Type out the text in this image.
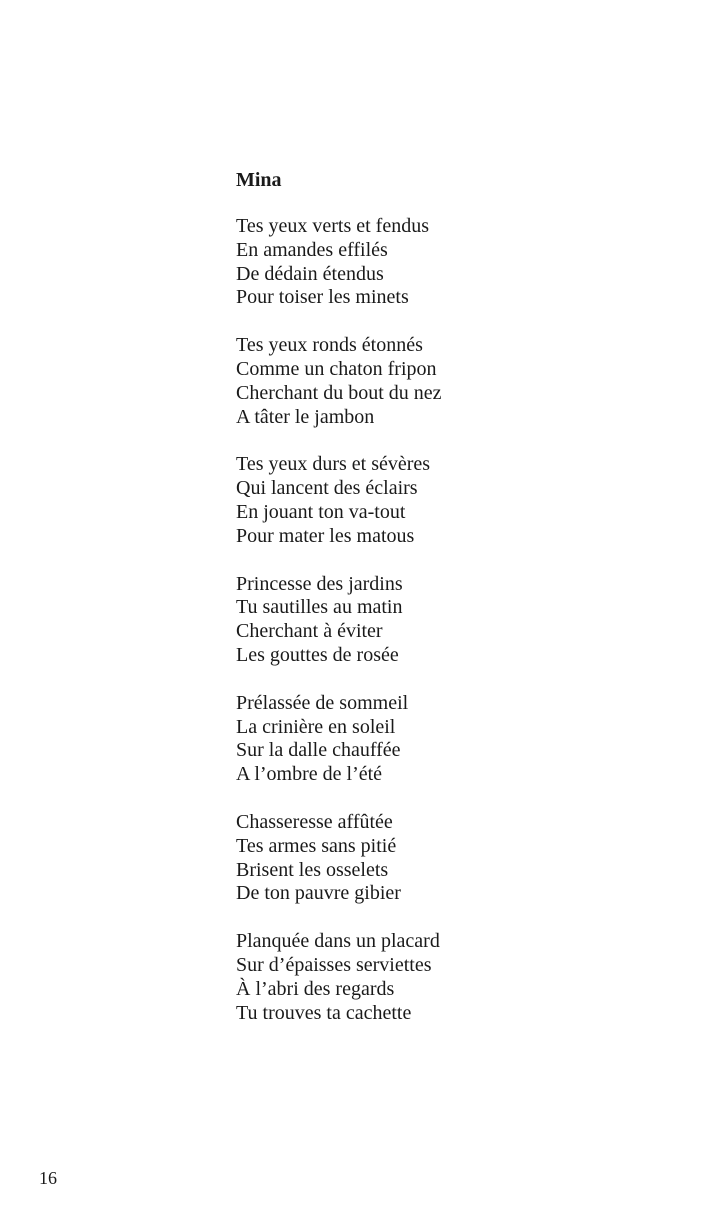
Mina
Tes yeux verts et fendus
En amandes effilés
De dédain étendus
Pour toiser les minets
Tes yeux ronds étonnés
Comme un chaton fripon
Cherchant du bout du nez
A tâter le jambon
Tes yeux durs et sévères
Qui lancent des éclairs
En jouant ton va-tout
Pour mater les matous
Princesse des jardins
Tu sautilles au matin
Cherchant à éviter
Les gouttes de rosée
Prélassée de sommeil
La crinière en soleil
Sur la dalle chauffée
A l’ombre de l’été
Chasseresse affûtée
Tes armes sans pitié
Brisent les osselets
De ton pauvre gibier
Planquée dans un placard
Sur d’épaisses serviettes
À l’abri des regards
Tu trouves ta cachette
16
